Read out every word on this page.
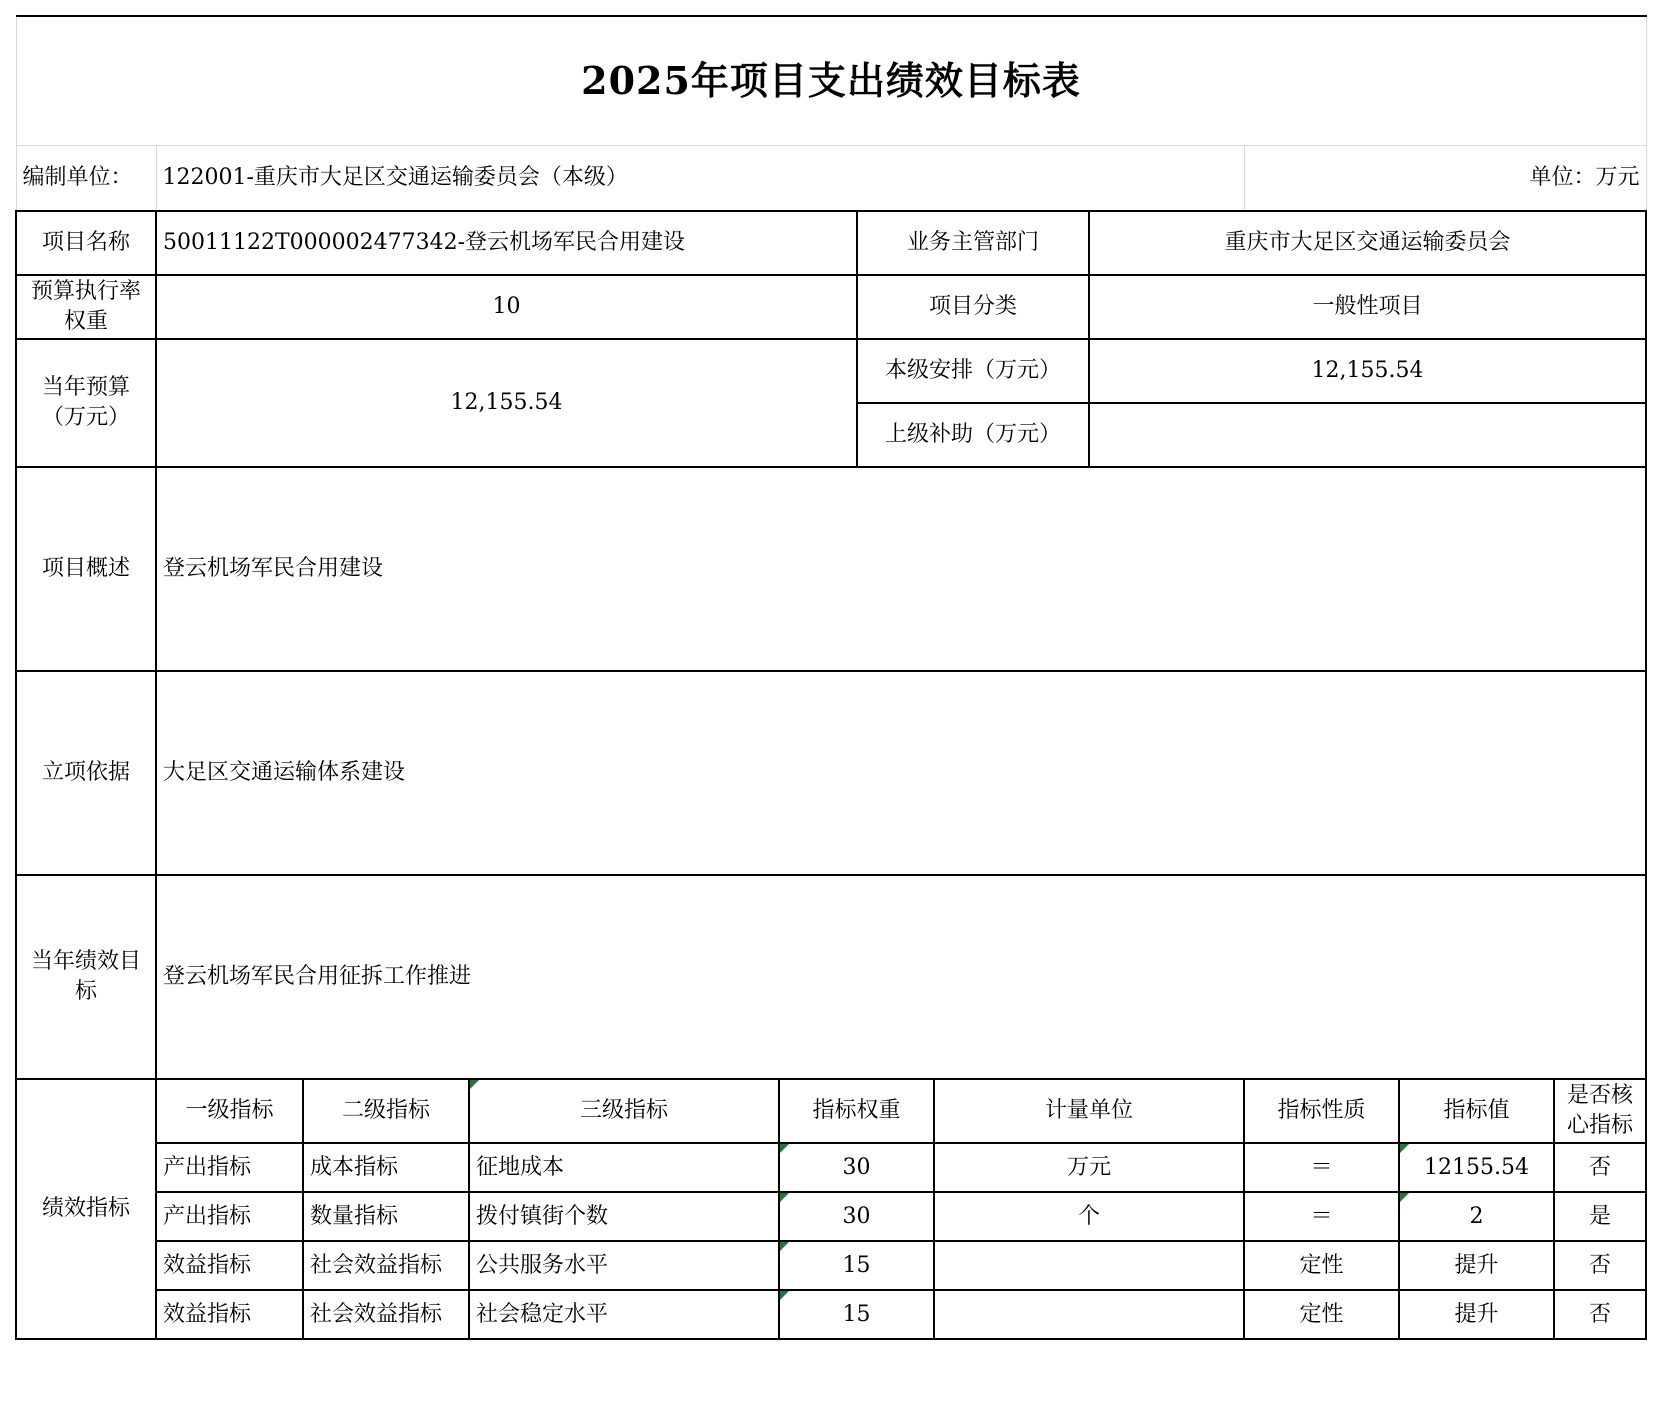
2025年项目支出绩效目标表										
编制单位：	122001-重庆市大足区交通运输委员会（本级）							单位：万元		
项目名称	50011122T000002477342-登云机场军民合用建设				业务主管部门		重庆市大足区交通运输委员会			
预算执行率权重	10				项目分类		一般性项目			
当年预算（万元）	12,155.54				本级安排（万元）		12,155.54			
					上级补助（万元）					
项目概述	登云机场军民合用建设									
立项依据	大足区交通运输体系建设									
当年绩效目标	登云机场军民合用征拆工作推进									
绩效指标	一级指标	二级指标	三级指标	指标权重		计量单位		指标性质	指标值	是否核心指标
	产出指标	成本指标	征地成本	30		万元		＝	12155.54	否
	产出指标	数量指标	拨付镇街个数	30		个		＝	2	是
	效益指标	社会效益指标	公共服务水平	15				定性	提升	否
	效益指标	社会效益指标	社会稳定水平	15				定性	提升	否
